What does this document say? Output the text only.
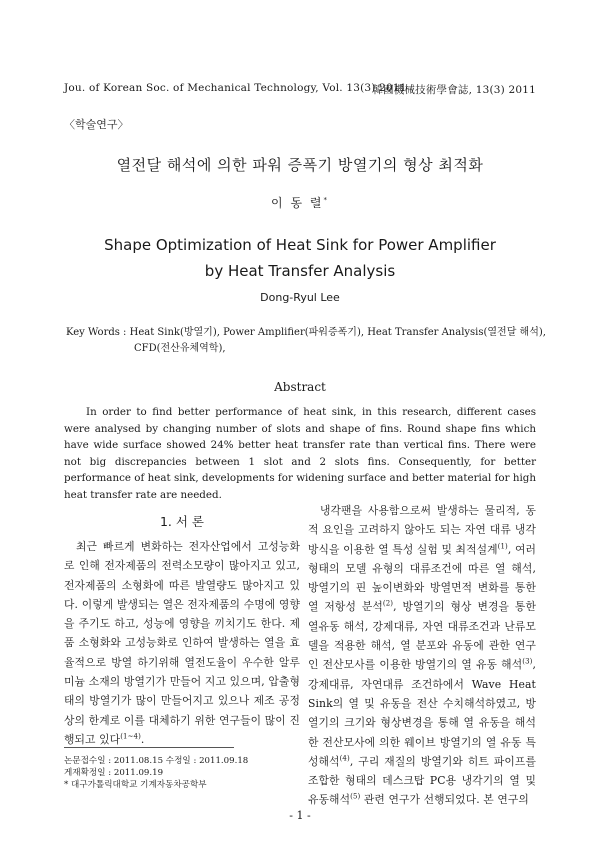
Jou. of Korean Soc. of Mechanical Technology, Vol. 13(3) 2011
韓國機械技術學會誌, 13(3) 2011
〈학술연구〉
열전달 해석에 의한 파워 증폭기 방열기의 형상 최적화
이 동 렬*
Shape Optimization of Heat Sink for Power Amplifier
by Heat Transfer Analysis
Dong-Ryul Lee
Key Words : Heat Sink(방열기), Power Amplifier(파워증폭기), Heat Transfer Analysis(열전달 해석),
CFD(전산유체역학),
Abstract
In order to find better performance of heat sink, in this research, different cases were analysed by changing number of slots and shape of fins. Round shape fins which have wide surface showed 24% better heat transfer rate than vertical fins. There were not big discrepancies between 1 slot and 2 slots fins. Consequently, for better performance of heat sink, developments for widening surface and better material for high heat transfer rate are needed.
1. 서 론
최근 빠르게 변화하는 전자산업에서 고성능화로 인해 전자제품의 전력소모량이 많아지고 있고, 전자제품의 소형화에 따른 발열량도 많아지고 있다. 이렇게 발생되는 열은 전자제품의 수명에 영향을 주기도 하고, 성능에 영향을 끼치기도 한다. 제품 소형화와 고성능화로 인하여 발생하는 열을 효율적으로 방열 하기위해 열전도율이 우수한 알루미늄 소재의 방열기가 만들어 지고 있으며, 압출형태의 방열기가 많이 만들어지고 있으나 제조 공정상의 한계로 이를 대체하기 위한 연구들이 많이 진행되고 있다$^{(1\sim 4)}$.
냉각팬을 사용함으로써 발생하는 물리적, 동적 요인을 고려하지 않아도 되는 자연 대류 냉각 방식을 이용한 열 특성 실험 및 최적설계$^{(1)}$, 여러 형태의 모델 유형의 대류조건에 따른 열 해석, 방열기의 핀 높이변화와 방열면적 변화를 통한 열 저항성 분석$^{(2)}$, 방열기의 형상 변경을 통한 열유동 해석, 강제대류, 자연 대류조건과 난류모델을 적용한 해석, 열 분포와 유동에 관한 연구인 전산모사를 이용한 방열기의 열 유동 해석$^{(3)}$, 강제대류, 자연대류 조건하에서 Wave Heat Sink의 열 및 유동을 전산 수치해석하였고, 방열기의 크기와 형상변경을 통해 열 유동을 해석한 전산모사에 의한 웨이브 방열기의 열 유동 특성해석$^{(4)}$, 구리 재질의 방열기와 히트 파이프를 조합한 형태의 데스크탑 PC용 냉각기의 열 및 유동해석$^{(5)}$ 관련 연구가 선행되었다. 본 연구의
논문접수일 : 2011.08.15 수정일 : 2011.09.18
게재확정일 : 2011.09.19
* 대구가톨릭대학교 기계자동차공학부
- 1 -
